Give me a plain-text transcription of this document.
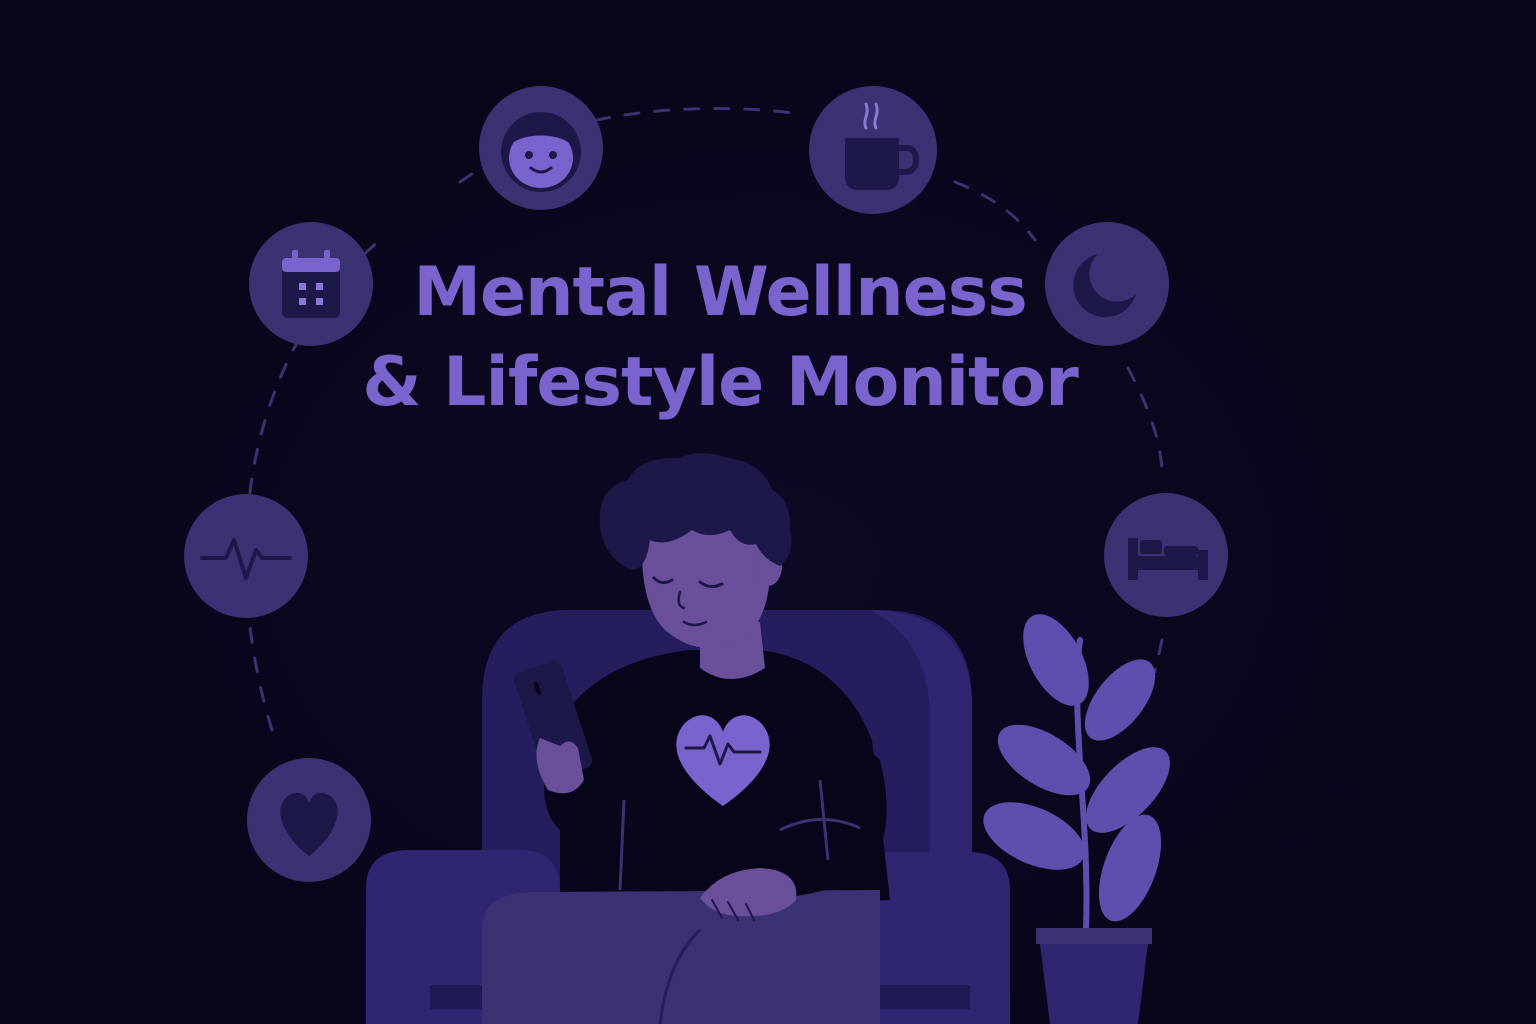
Mental Wellness
& Lifestyle Monitor
